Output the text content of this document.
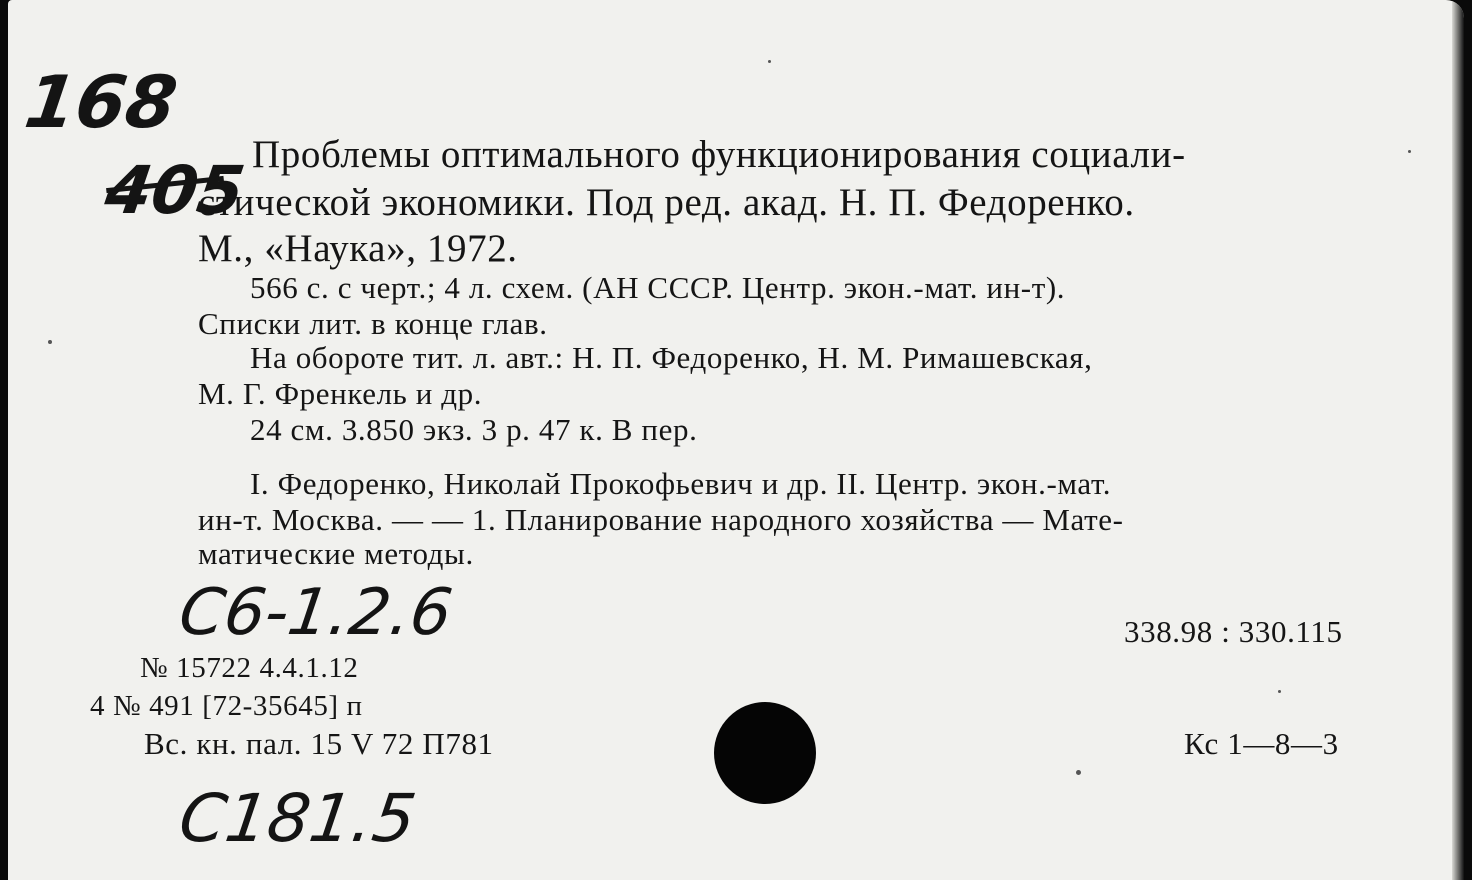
168
405 Проблемы оптимального функционирования социали-
стической экономики. Под ред. акад. Н. П. Федоренко.
М., «Наука», 1972.
566 с. с черт.; 4 л. схем. (АН СССР. Центр. экон.-мат. ин-т).
Списки лит. в конце глав.
На обороте тит. л. авт.: Н. П. Федоренко, Н. М. Римашевская,
М. Г. Френкель и др.
24 см. 3.850 экз. 3 р. 47 к. В пер.
I. Федоренко, Николай Прокофьевич и др. II. Центр. экон.-мат.
ин-т. Москва. — — 1. Планирование народного хозяйства — Мате-
матические методы.
C6-1.2.6	338.98 : 330.115
№ 15722 4.4.1.12
4 № 491 [72-35645] п
Вс. кн. пал. 15 V 72 П781	Кс 1—8—3
C181.5
